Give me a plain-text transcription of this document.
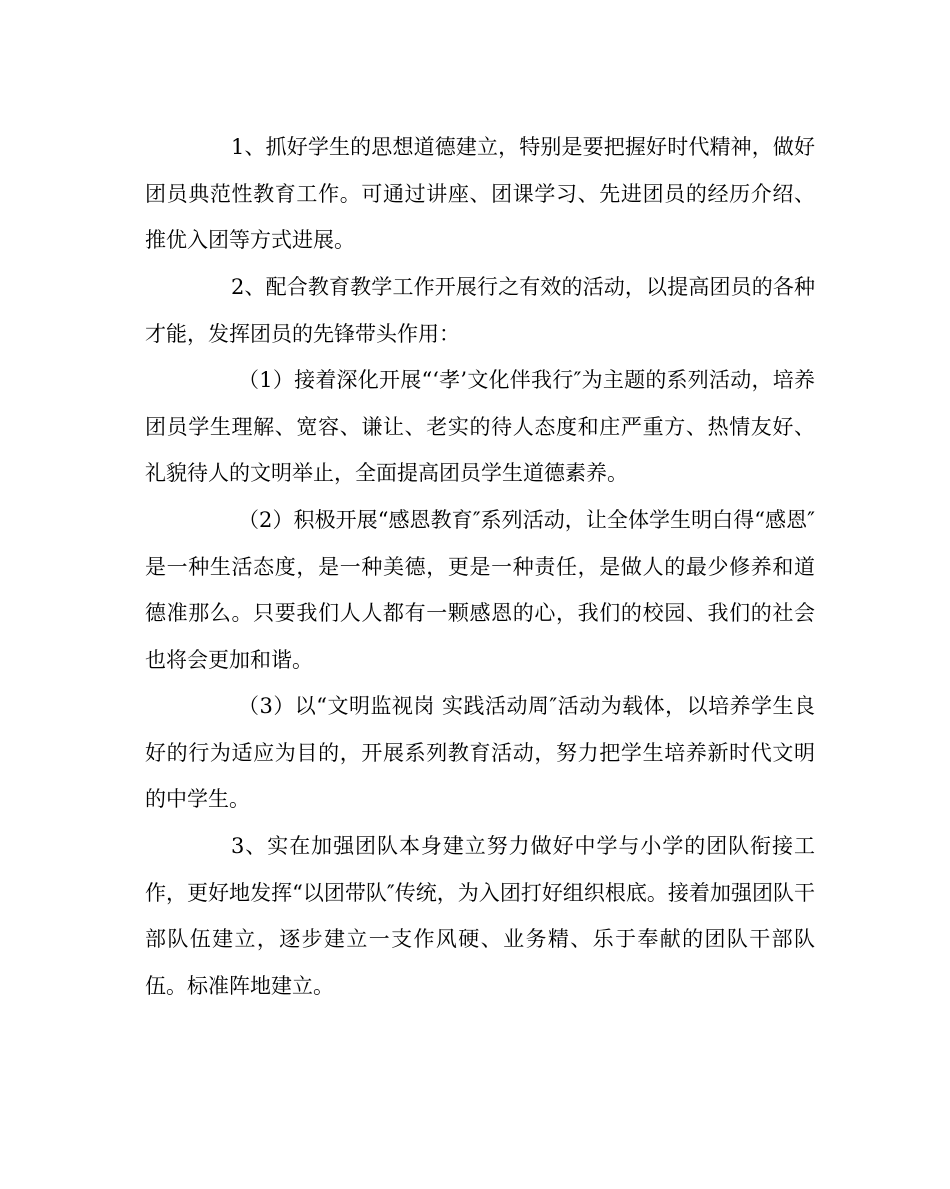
1、抓好学生的思想道德建立，特别是要把握好时代精神，做好团员典范性教育工作。可通过讲座、团课学习、先进团员的经历介绍、推优入团等方式进展。

2、配合教育教学工作开展行之有效的活动，以提高团员的各种才能，发挥团员的先锋带头作用：

（1）接着深化开展“‘孝’文化伴我行″为主题的系列活动，培养团员学生理解、宽容、谦让、老实的待人态度和庄严重方、热情友好、礼貌待人的文明举止，全面提高团员学生道德素养。

（2）积极开展“感恩教育″系列活动，让全体学生明白得“感恩″是一种生活态度，是一种美德，更是一种责任，是做人的最少修养和道德准那么。只要我们人人都有一颗感恩的心，我们的校园、我们的社会也将会更加和谐。

（3）以“文明监视岗 实践活动周″活动为载体，以培养学生良好的行为适应为目的，开展系列教育活动，努力把学生培养新时代文明的中学生。

3、实在加强团队本身建立努力做好中学与小学的团队衔接工作，更好地发挥“以团带队″传统，为入团打好组织根底。接着加强团队干部队伍建立，逐步建立一支作风硬、业务精、乐于奉献的团队干部队伍。标准阵地建立。
